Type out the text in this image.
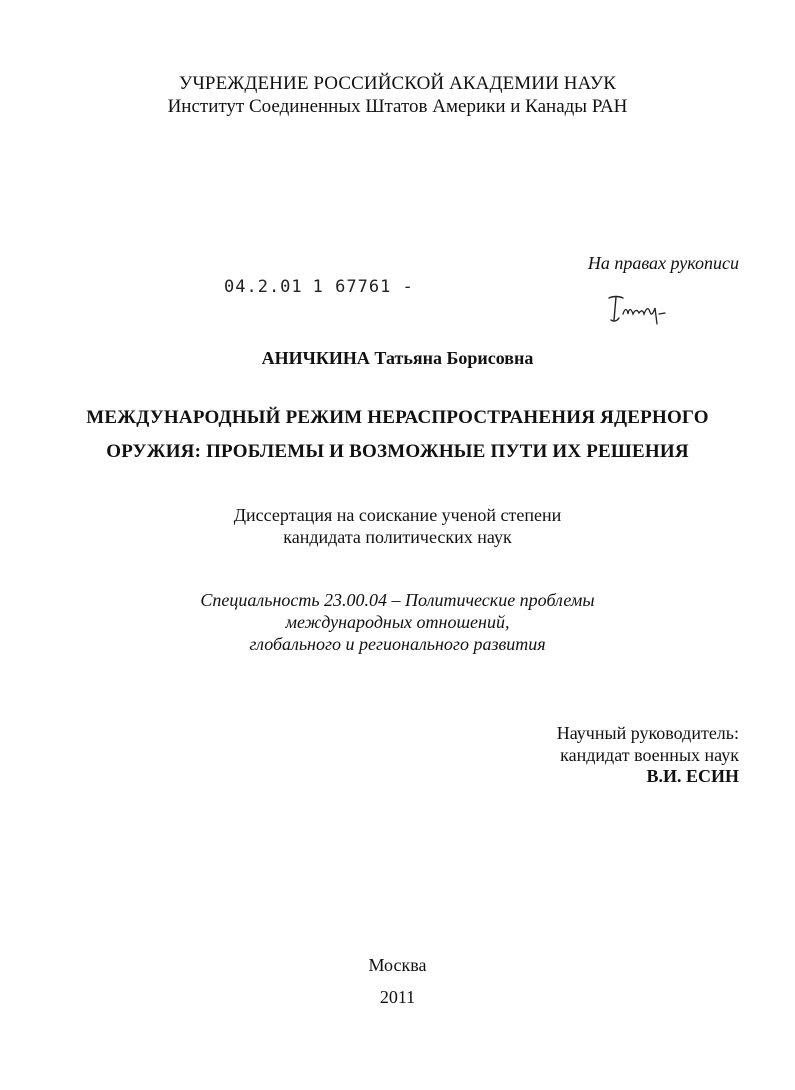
УЧРЕЖДЕНИЕ РОССИЙСКОЙ АКАДЕМИИ НАУК
Институт Соединенных Штатов Америки и Канады РАН
На правах рукописи
04.2.01 1 67761 -
АНИЧКИНА Татьяна Борисовна
МЕЖДУНАРОДНЫЙ РЕЖИМ НЕРАСПРОСТРАНЕНИЯ ЯДЕРНОГО
ОРУЖИЯ: ПРОБЛЕМЫ И ВОЗМОЖНЫЕ ПУТИ ИХ РЕШЕНИЯ
Диссертация на соискание ученой степени
кандидата политических наук
Специальность 23.00.04 – Политические проблемы
международных отношений,
глобального и регионального развития
Научный руководитель:
кандидат военных наук
В.И. ЕСИН
Москва
2011
